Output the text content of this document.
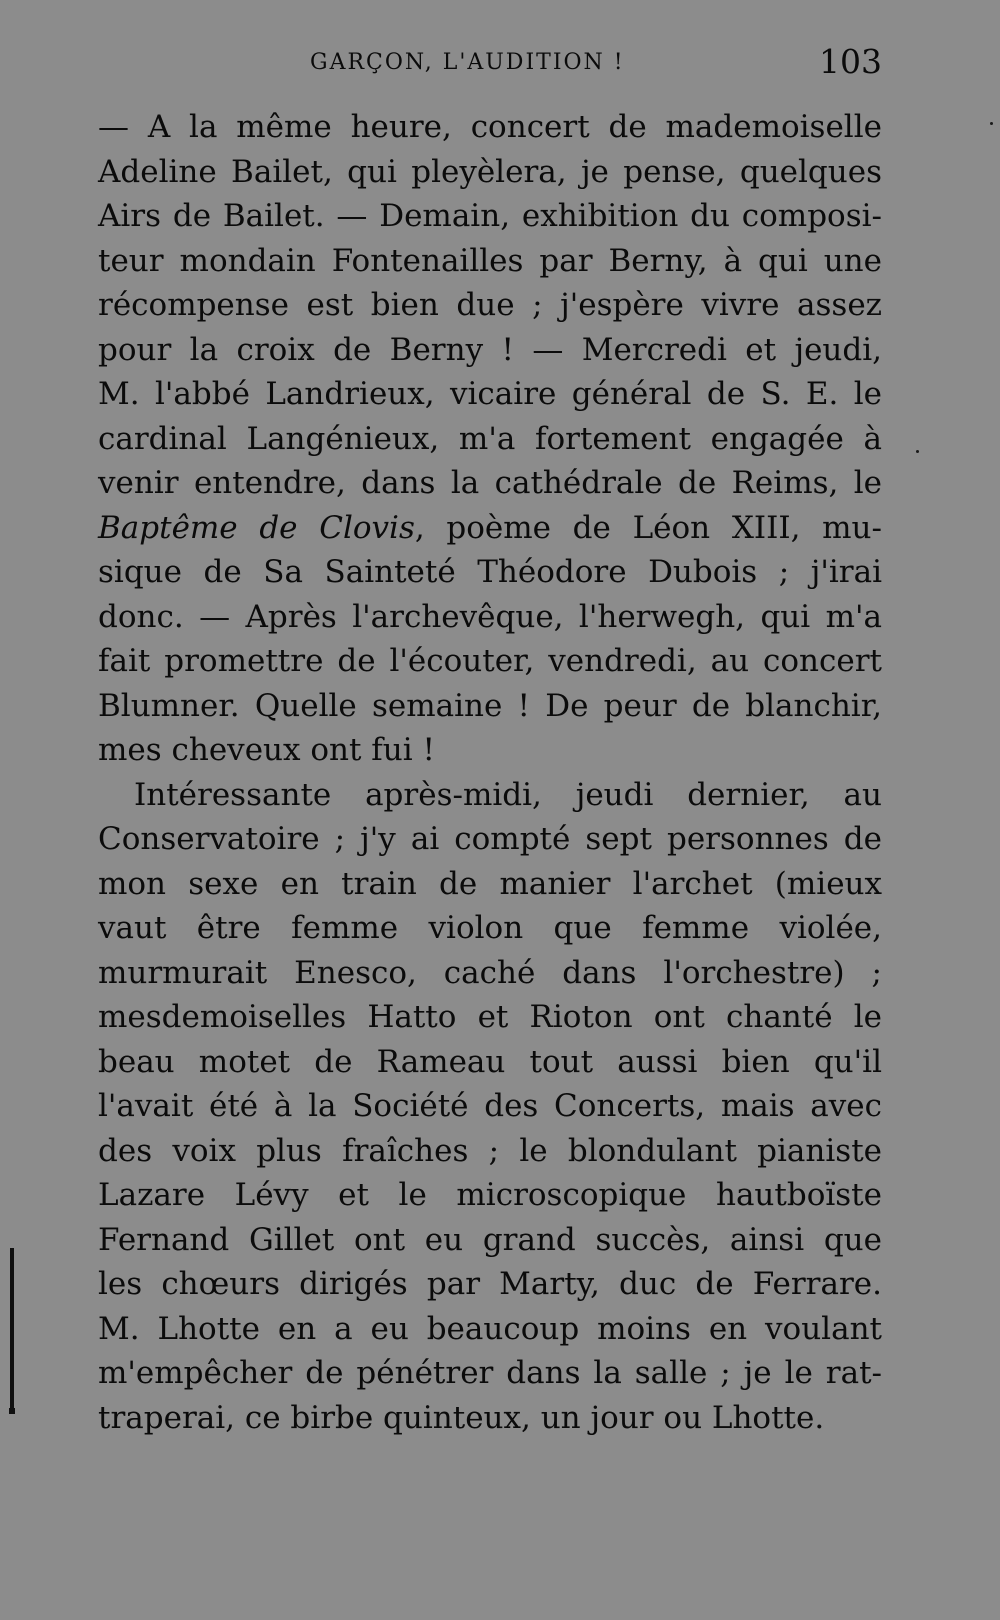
GARÇON, L'AUDITION !	103
— A la même heure, concert de mademoiselle
Adeline Bailet, qui pleyèlera, je pense, quelques
Airs de Bailet. — Demain, exhibition du composi-
teur mondain Fontenailles par Berny, à qui une
récompense est bien due ; j'espère vivre assez
pour la croix de Berny ! — Mercredi et jeudi,
M. l'abbé Landrieux, vicaire général de S. E. le
cardinal Langénieux, m'a fortement engagée à
venir entendre, dans la cathédrale de Reims, le
Baptême de Clovis, poème de Léon XIII, mu-
sique de Sa Sainteté Théodore Dubois ; j'irai
donc. — Après l'archevêque, l'herwegh, qui m'a
fait promettre de l'écouter, vendredi, au concert
Blumner. Quelle semaine ! De peur de blanchir,
mes cheveux ont fui !
Intéressante après-midi, jeudi dernier, au
Conservatoire ; j'y ai compté sept personnes de
mon sexe en train de manier l'archet (mieux
vaut être femme violon que femme violée,
murmurait Enesco, caché dans l'orchestre) ;
mesdemoiselles Hatto et Rioton ont chanté le
beau motet de Rameau tout aussi bien qu'il
l'avait été à la Société des Concerts, mais avec
des voix plus fraîches ; le blondulant pianiste
Lazare Lévy et le microscopique hautboïste
Fernand Gillet ont eu grand succès, ainsi que
les chœurs dirigés par Marty, duc de Ferrare.
M. Lhotte en a eu beaucoup moins en voulant
m'empêcher de pénétrer dans la salle ; je le rat-
traperai, ce birbe quinteux, un jour ou Lhotte.
